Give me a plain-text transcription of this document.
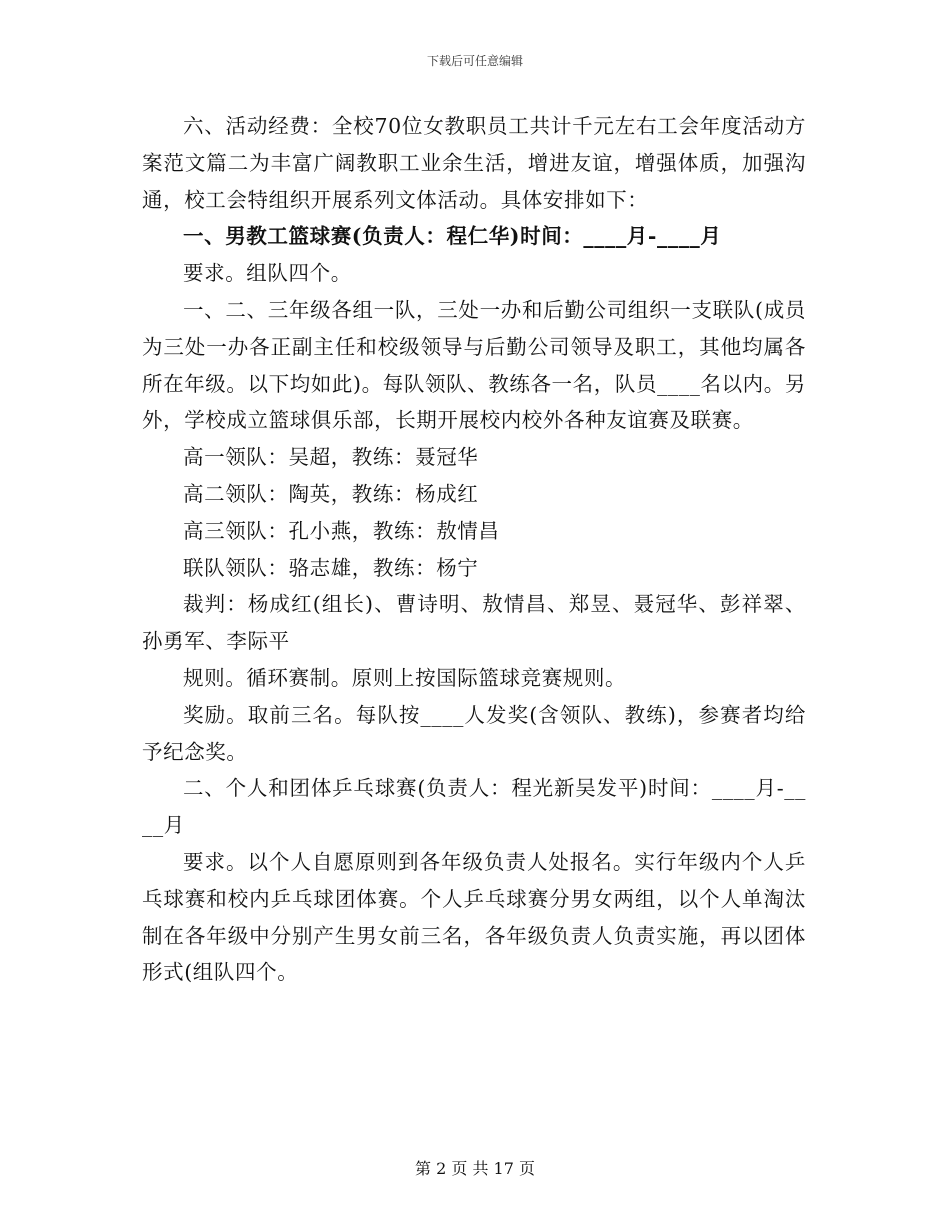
下载后可任意编辑

六、活动经费：全校70位女教职员工共计千元左右工会年度活动方案范文篇二为丰富广阔教职工业余生活，增进友谊，增强体质，加强沟通，校工会特组织开展系列文体活动。具体安排如下：

一、男教工篮球赛(负责人：程仁华)时间：____月-____月

要求。组队四个。

一、二、三年级各组一队，三处一办和后勤公司组织一支联队(成员为三处一办各正副主任和校级领导与后勤公司领导及职工，其他均属各所在年级。以下均如此)。每队领队、教练各一名，队员____名以内。另外，学校成立篮球俱乐部，长期开展校内校外各种友谊赛及联赛。

高一领队：吴超，教练：聂冠华

高二领队：陶英，教练：杨成红

高三领队：孔小燕，教练：敖情昌

联队领队：骆志雄，教练：杨宁

裁判：杨成红(组长)、曹诗明、敖情昌、郑昱、聂冠华、彭祥翠、孙勇军、李际平

规则。循环赛制。原则上按国际篮球竞赛规则。

奖励。取前三名。每队按____人发奖(含领队、教练)，参赛者均给予纪念奖。

二、个人和团体乒乓球赛(负责人：程光新吴发平)时间：____月-____月

要求。以个人自愿原则到各年级负责人处报名。实行年级内个人乒乓球赛和校内乒乓球团体赛。个人乒乓球赛分男女两组，以个人单淘汰制在各年级中分别产生男女前三名，各年级负责人负责实施，再以团体形式(组队四个。

第 2 页 共 17 页
